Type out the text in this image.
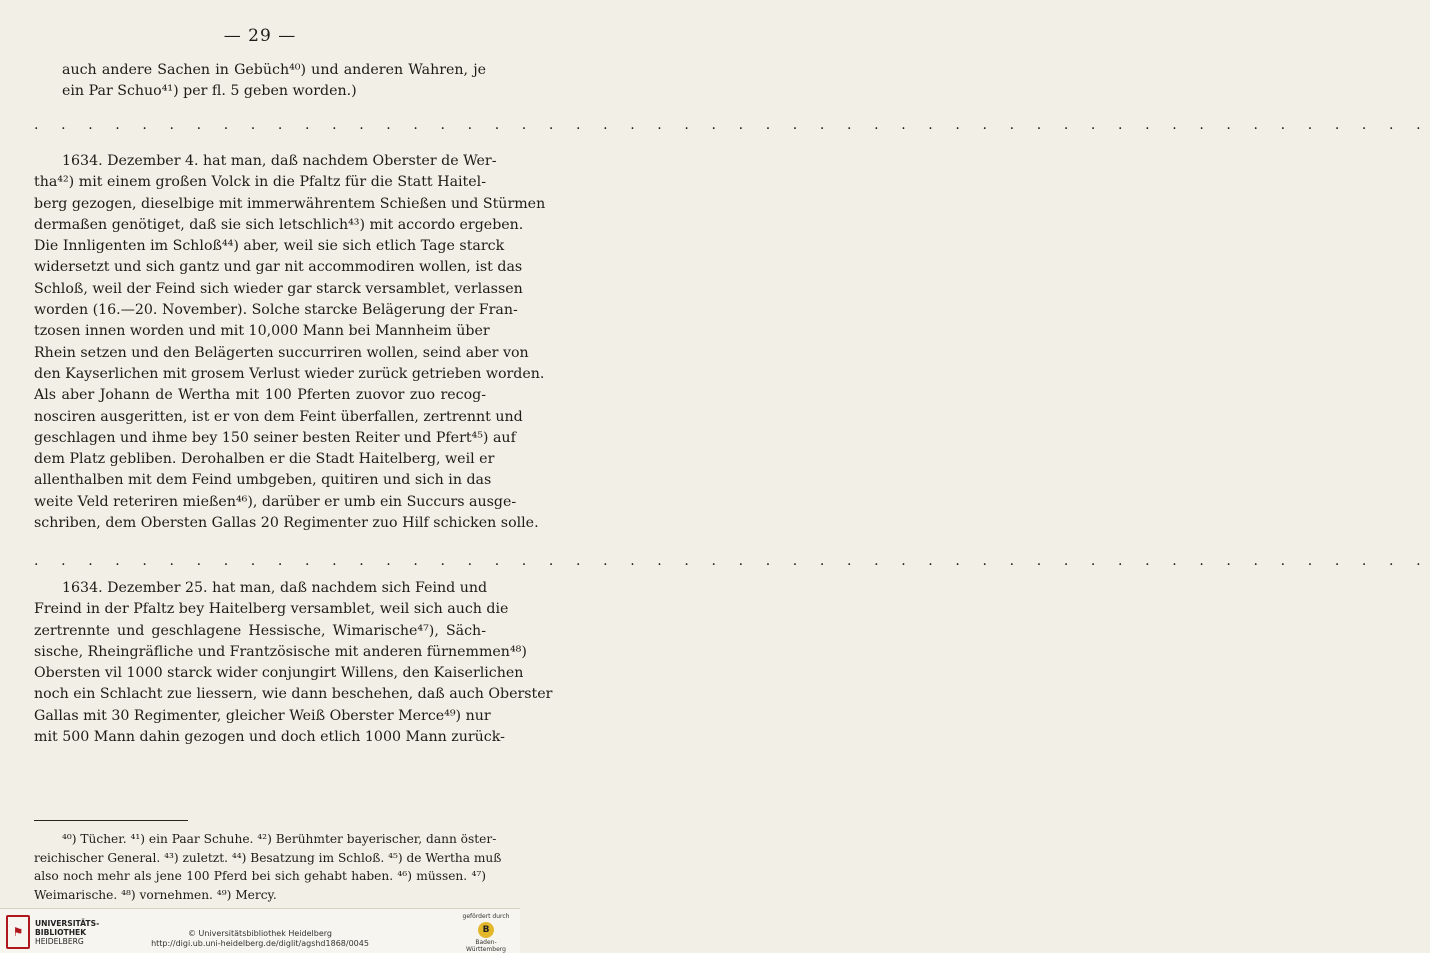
— 29 —
auch andere Sachen in Gebüch⁴⁰) und anderen Wahren, je
ein Par Schuo⁴¹) per fl. 5 geben worden.)
. . . . . . . . . . . . . . . . . . . . . . . . . . . . . . . . . . . . . . . . . . . . . . . . . . . .
1634. Dezember 4. hat man, daß nachdem Oberster de Wer-
tha⁴²) mit einem großen Volck in die Pfaltz für die Statt Haitel-
berg gezogen, dieselbige mit immerwährentem Schießen und Stürmen
dermaßen genötiget, daß sie sich letschlich⁴³) mit accordo ergeben.
Die Innligenten im Schloß⁴⁴) aber, weil sie sich etlich Tage starck
widersetzt und sich gantz und gar nit accommodiren wollen, ist das
Schloß, weil der Feind sich wieder gar starck versamblet, verlassen
worden (16.—20. November). Solche starcke Belägerung der Fran-
tzosen innen worden und mit 10,000 Mann bei Mannheim über
Rhein setzen und den Belägerten succurriren wollen, seind aber von
den Kayserlichen mit grosem Verlust wieder zurück getrieben worden.
Als aber Johann de Wertha mit 100 Pferten zuovor zuo recog-
nosciren ausgeritten, ist er von dem Feint überfallen, zertrennt und
geschlagen und ihme bey 150 seiner besten Reiter und Pfert⁴⁵) auf
dem Platz gebliben. Derohalben er die Stadt Haitelberg, weil er
allenthalben mit dem Feind umbgeben, quitiren und sich in das
weite Veld reteriren mießen⁴⁶), darüber er umb ein Succurs ausge-
schriben, dem Obersten Gallas 20 Regimenter zuo Hilf schicken solle.
. . . . . . . . . . . . . . . . . . . . . . . . . . . . . . . . . . . . . . . . . . . . . . . . . . . .
1634. Dezember 25. hat man, daß nachdem sich Feind und
Freind in der Pfaltz bey Haitelberg versamblet, weil sich auch die
zertrennte und geschlagene Hessische, Wimarische⁴⁷), Säch-
sische, Rheingräfliche und Frantzösische mit anderen fürnemmen⁴⁸)
Obersten vil 1000 starck wider conjungirt Willens, den Kaiserlichen
noch ein Schlacht zue liessern, wie dann beschehen, daß auch Oberster
Gallas mit 30 Regimenter, gleicher Weiß Oberster Merce⁴⁹) nur
mit 500 Mann dahin gezogen und doch etlich 1000 Mann zurück-
⁴⁰) Tücher. ⁴¹) ein Paar Schuhe. ⁴²) Berühmter bayerischer, dann öster-
reichischer General. ⁴³) zuletzt. ⁴⁴) Besatzung im Schloß. ⁴⁵) de Wertha muß
also noch mehr als jene 100 Pferd bei sich gehabt haben. ⁴⁶) müssen. ⁴⁷)
Weimarische. ⁴⁸) vornehmen. ⁴⁹) Mercy.
⚑
UNIVERSITÄTS-
BIBLIOTHEK
HEIDELBERG
© Universitätsbibliothek Heidelberg
http://digi.ub.uni-heidelberg.de/diglit/agshd1868/0045
gefördert durch
B
Baden-Württemberg
